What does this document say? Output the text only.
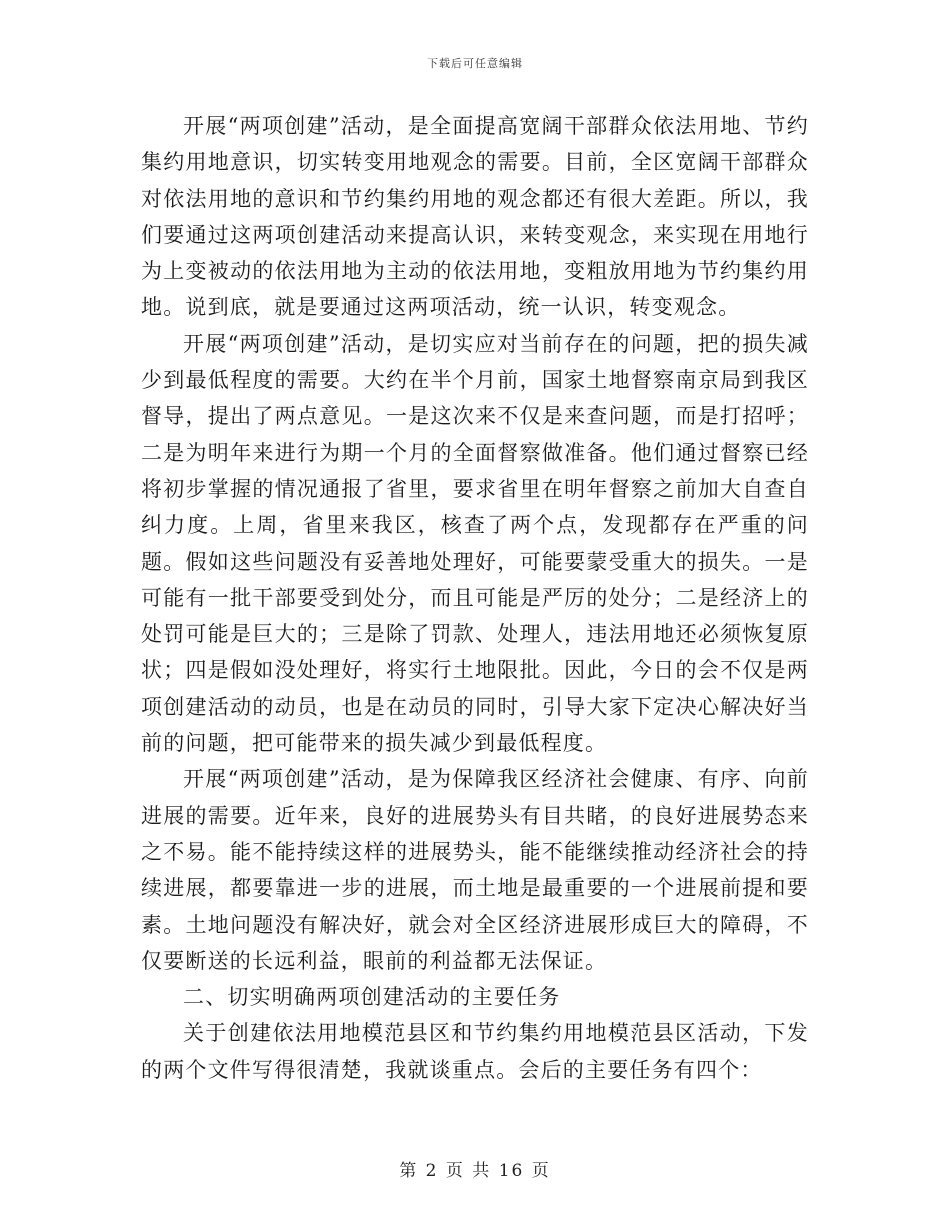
下载后可任意编辑

开展“两项创建”活动，是全面提高宽阔干部群众依法用地、节约集约用地意识，切实转变用地观念的需要。目前，全区宽阔干部群众对依法用地的意识和节约集约用地的观念都还有很大差距。所以，我们要通过这两项创建活动来提高认识，来转变观念，来实现在用地行为上变被动的依法用地为主动的依法用地，变粗放用地为节约集约用地。说到底，就是要通过这两项活动，统一认识，转变观念。

开展“两项创建”活动，是切实应对当前存在的问题，把的损失减少到最低程度的需要。大约在半个月前，国家土地督察南京局到我区督导，提出了两点意见。一是这次来不仅是来查问题，而是打招呼；二是为明年来进行为期一个月的全面督察做准备。他们通过督察已经将初步掌握的情况通报了省里，要求省里在明年督察之前加大自查自纠力度。上周，省里来我区，核查了两个点，发现都存在严重的问题。假如这些问题没有妥善地处理好，可能要蒙受重大的损失。一是可能有一批干部要受到处分，而且可能是严厉的处分；二是经济上的处罚可能是巨大的；三是除了罚款、处理人，违法用地还必须恢复原状；四是假如没处理好，将实行土地限批。因此，今日的会不仅是两项创建活动的动员，也是在动员的同时，引导大家下定决心解决好当前的问题，把可能带来的损失减少到最低程度。

开展“两项创建”活动，是为保障我区经济社会健康、有序、向前进展的需要。近年来，良好的进展势头有目共睹，的良好进展势态来之不易。能不能持续这样的进展势头，能不能继续推动经济社会的持续进展，都要靠进一步的进展，而土地是最重要的一个进展前提和要素。土地问题没有解决好，就会对全区经济进展形成巨大的障碍，不仅要断送的长远利益，眼前的利益都无法保证。

二、切实明确两项创建活动的主要任务

关于创建依法用地模范县区和节约集约用地模范县区活动，下发的两个文件写得很清楚，我就谈重点。会后的主要任务有四个：

第 2 页 共 16 页
